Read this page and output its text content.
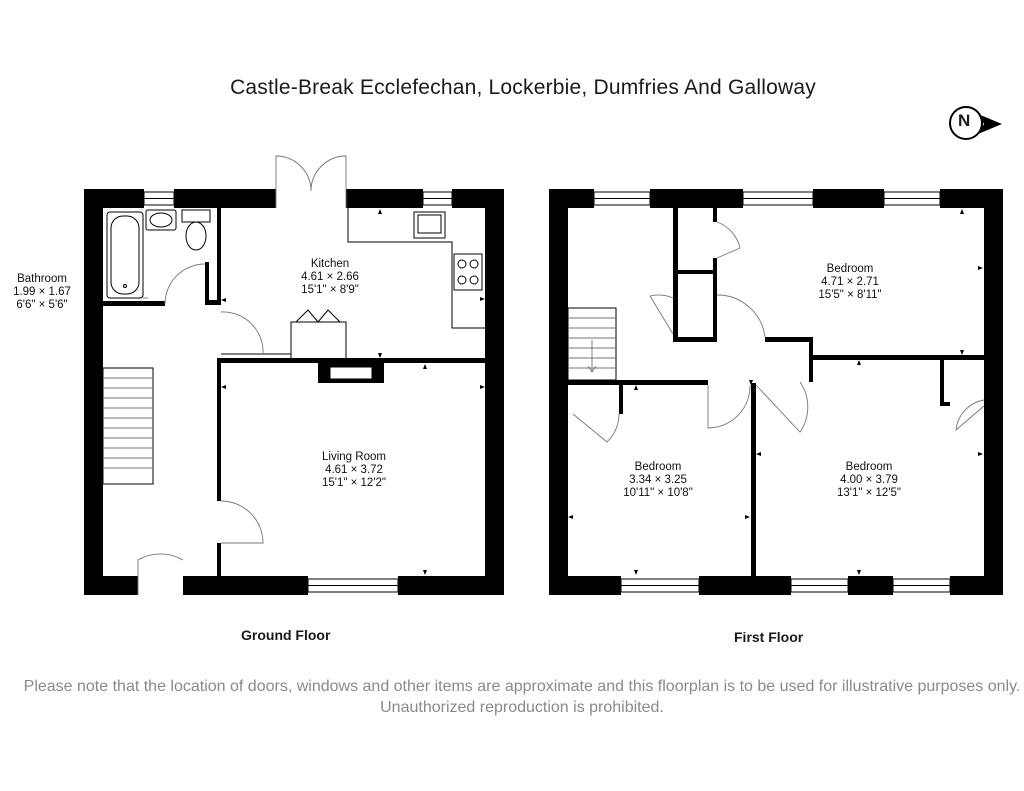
Castle-Break Ecclefechan, Lockerbie, Dumfries And Galloway
N
Kitchen
4.61 × 2.66
15'1" × 8'9"
Bathroom
1.99 × 1.67
6'6" × 5'6"
Living Room
4.61 × 3.72
15'1" × 12'2"
Bedroom
4.71 × 2.71
15'5" × 8'11"
Bedroom
3.34 × 3.25
10'11" × 10'8"
Bedroom
4.00 × 3.79
13'1" × 12'5"
Ground Floor	First Floor
Please note that the location of doors, windows and other items are approximate and this floorplan is to be used for illustrative purposes only. Unauthorized reproduction is prohibited.
